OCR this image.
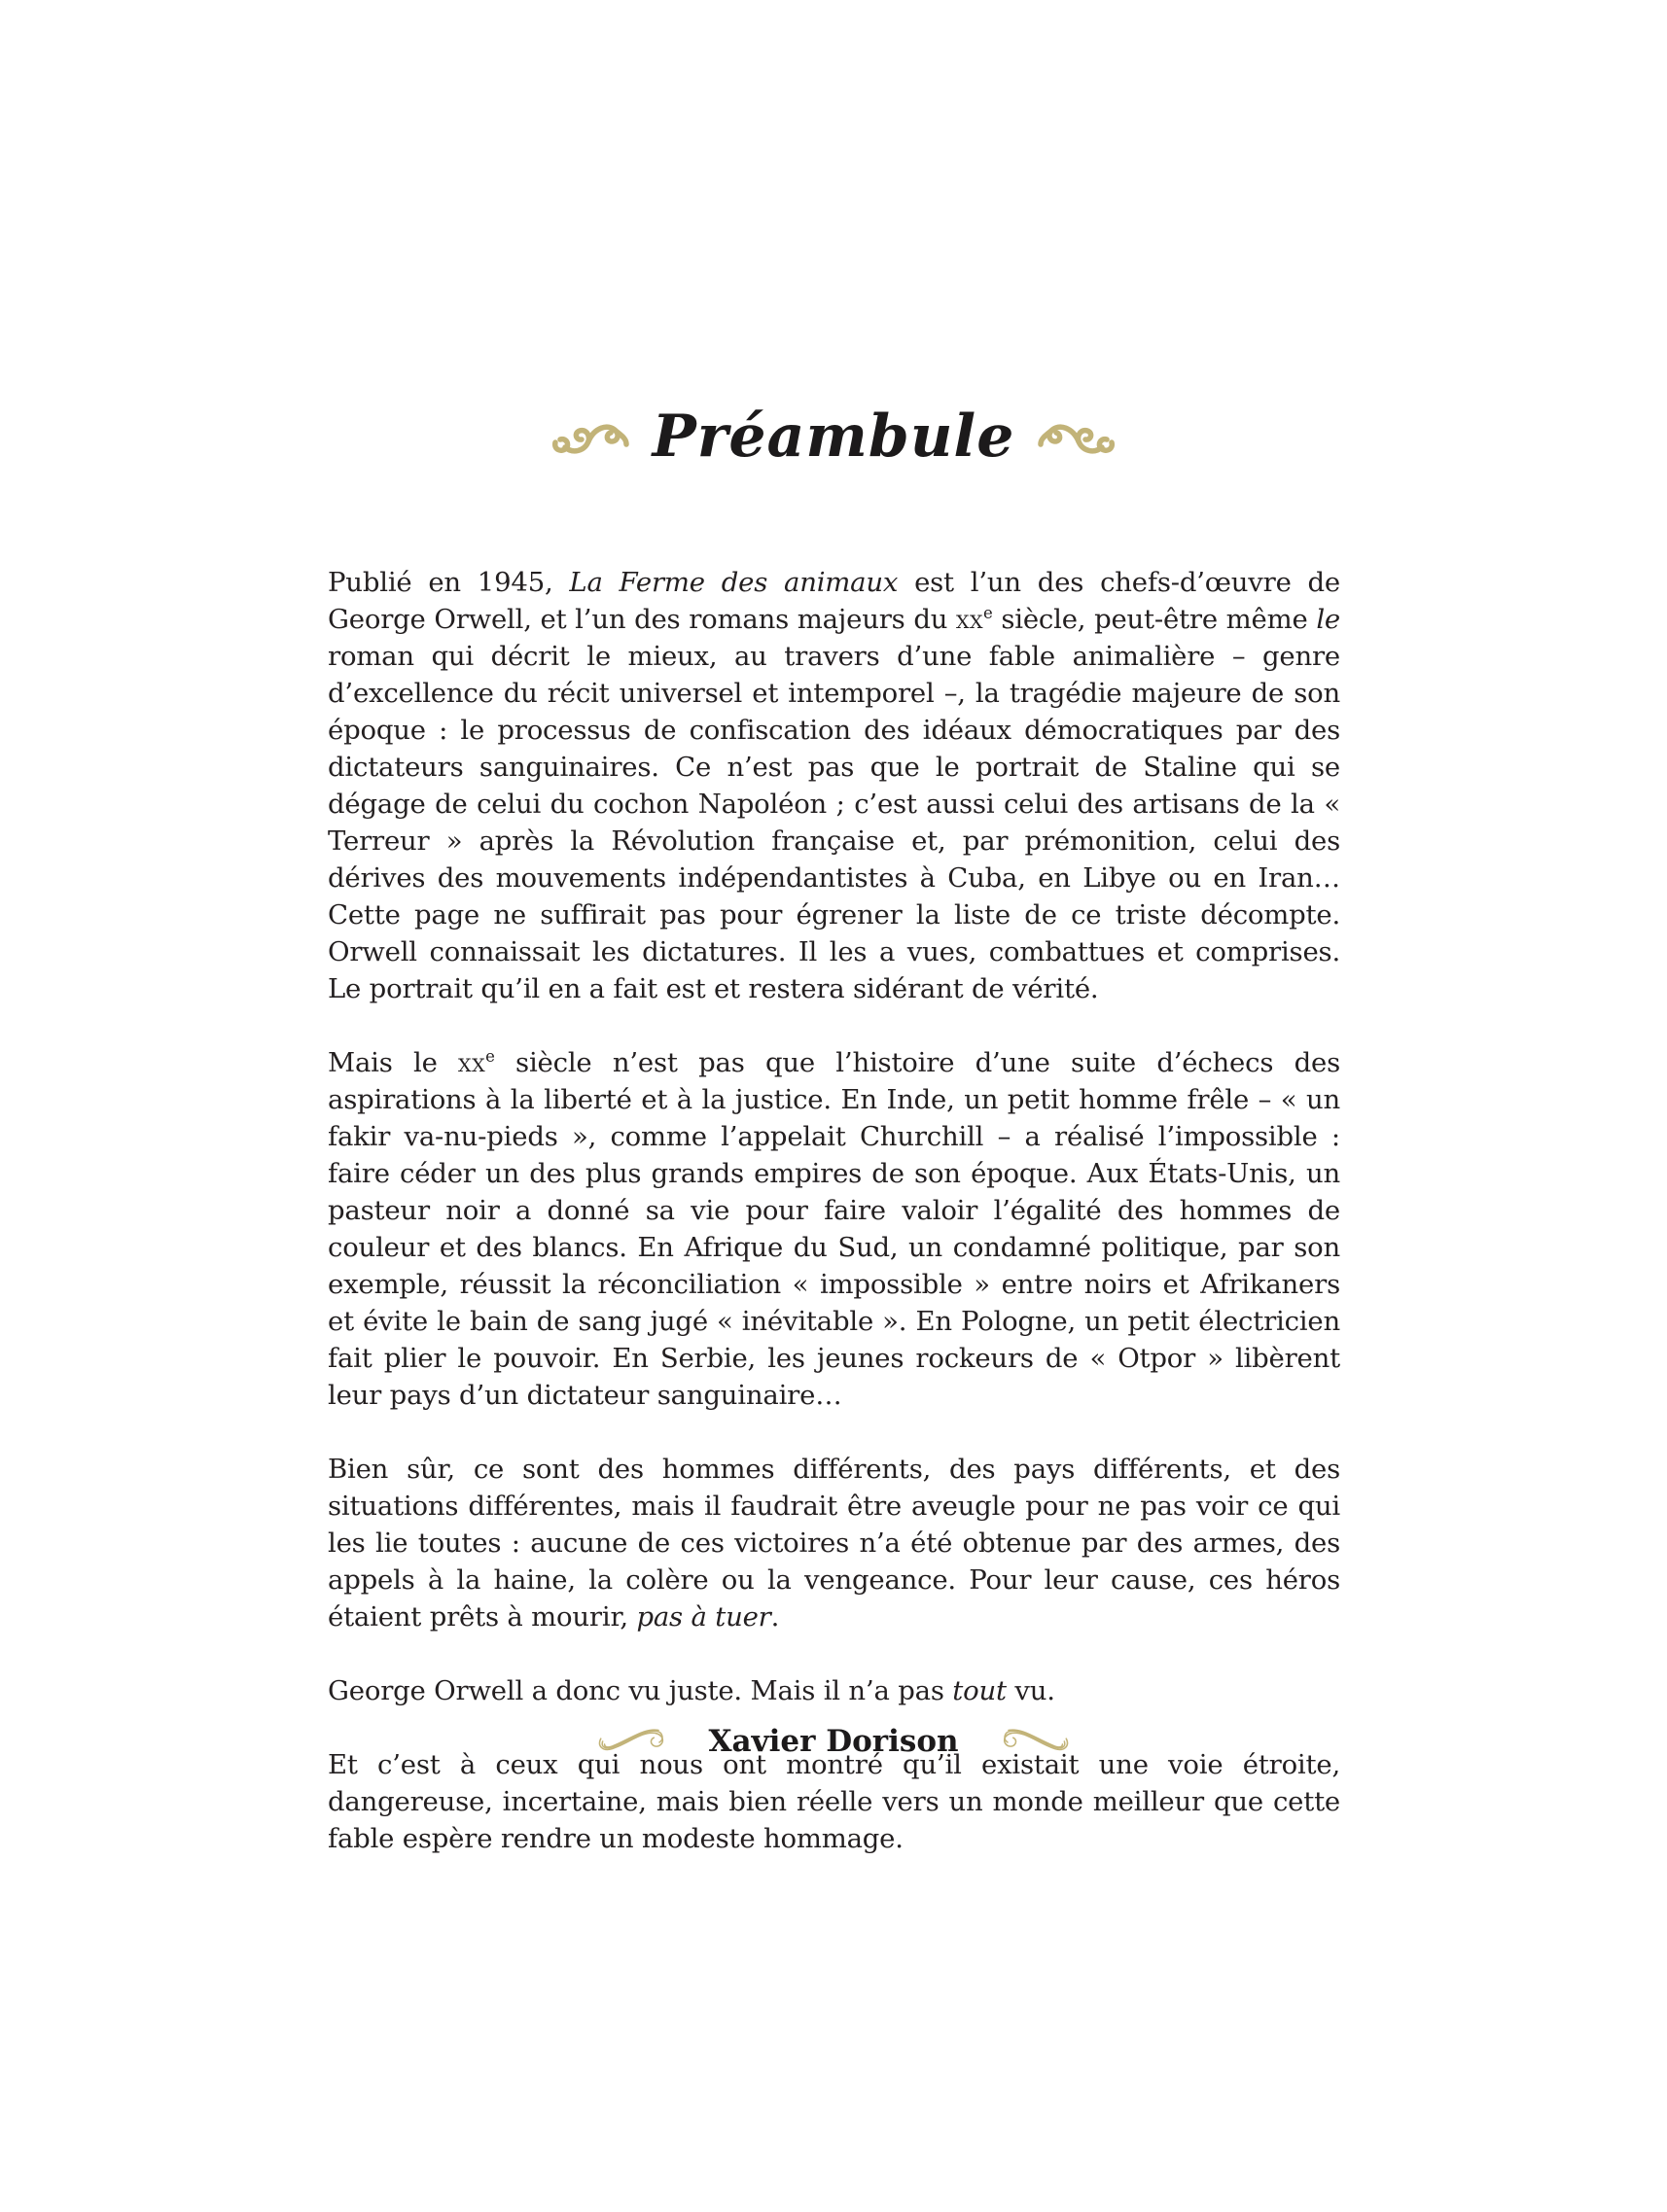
Préambule

Publié en 1945, La Ferme des animaux est l’un des chefs-d’œuvre de George Orwell, et l’un des romans majeurs du $xx^e$ siècle, peut-être même le roman qui décrit le mieux, au travers d’une fable animalière – genre d’excellence du récit universel et intemporel –, la tragédie majeure de son époque : le processus de confiscation des idéaux démocratiques par des dictateurs sanguinaires. Ce n’est pas que le portrait de Staline qui se dégage de celui du cochon Napoléon ; c’est aussi celui des artisans de la « Terreur » après la Révolution française et, par prémonition, celui des dérives des mouvements indépendantistes à Cuba, en Libye ou en Iran… Cette page ne suffirait pas pour égrener la liste de ce triste décompte. Orwell connaissait les dictatures. Il les a vues, combattues et comprises. Le portrait qu’il en a fait est et restera sidérant de vérité.

Mais le $xx^e$ siècle n’est pas que l’histoire d’une suite d’échecs des aspirations à la liberté et à la justice. En Inde, un petit homme frêle – « un fakir va-nu-pieds », comme l’appelait Churchill – a réalisé l’impossible : faire céder un des plus grands empires de son époque. Aux États-Unis, un pasteur noir a donné sa vie pour faire valoir l’égalité des hommes de couleur et des blancs. En Afrique du Sud, un condamné politique, par son exemple, réussit la réconciliation « impossible » entre noirs et Afrikaners et évite le bain de sang jugé « inévitable ». En Pologne, un petit électricien fait plier le pouvoir. En Serbie, les jeunes rockeurs de « Otpor » libèrent leur pays d’un dictateur sanguinaire…

Bien sûr, ce sont des hommes différents, des pays différents, et des situations différentes, mais il faudrait être aveugle pour ne pas voir ce qui les lie toutes : aucune de ces victoires n’a été obtenue par des armes, des appels à la haine, la colère ou la vengeance. Pour leur cause, ces héros étaient prêts à mourir, pas à tuer.

George Orwell a donc vu juste. Mais il n’a pas tout vu.

Et c’est à ceux qui nous ont montré qu’il existait une voie étroite, dangereuse, incertaine, mais bien réelle vers un monde meilleur que cette fable espère rendre un modeste hommage.

Xavier Dorison
